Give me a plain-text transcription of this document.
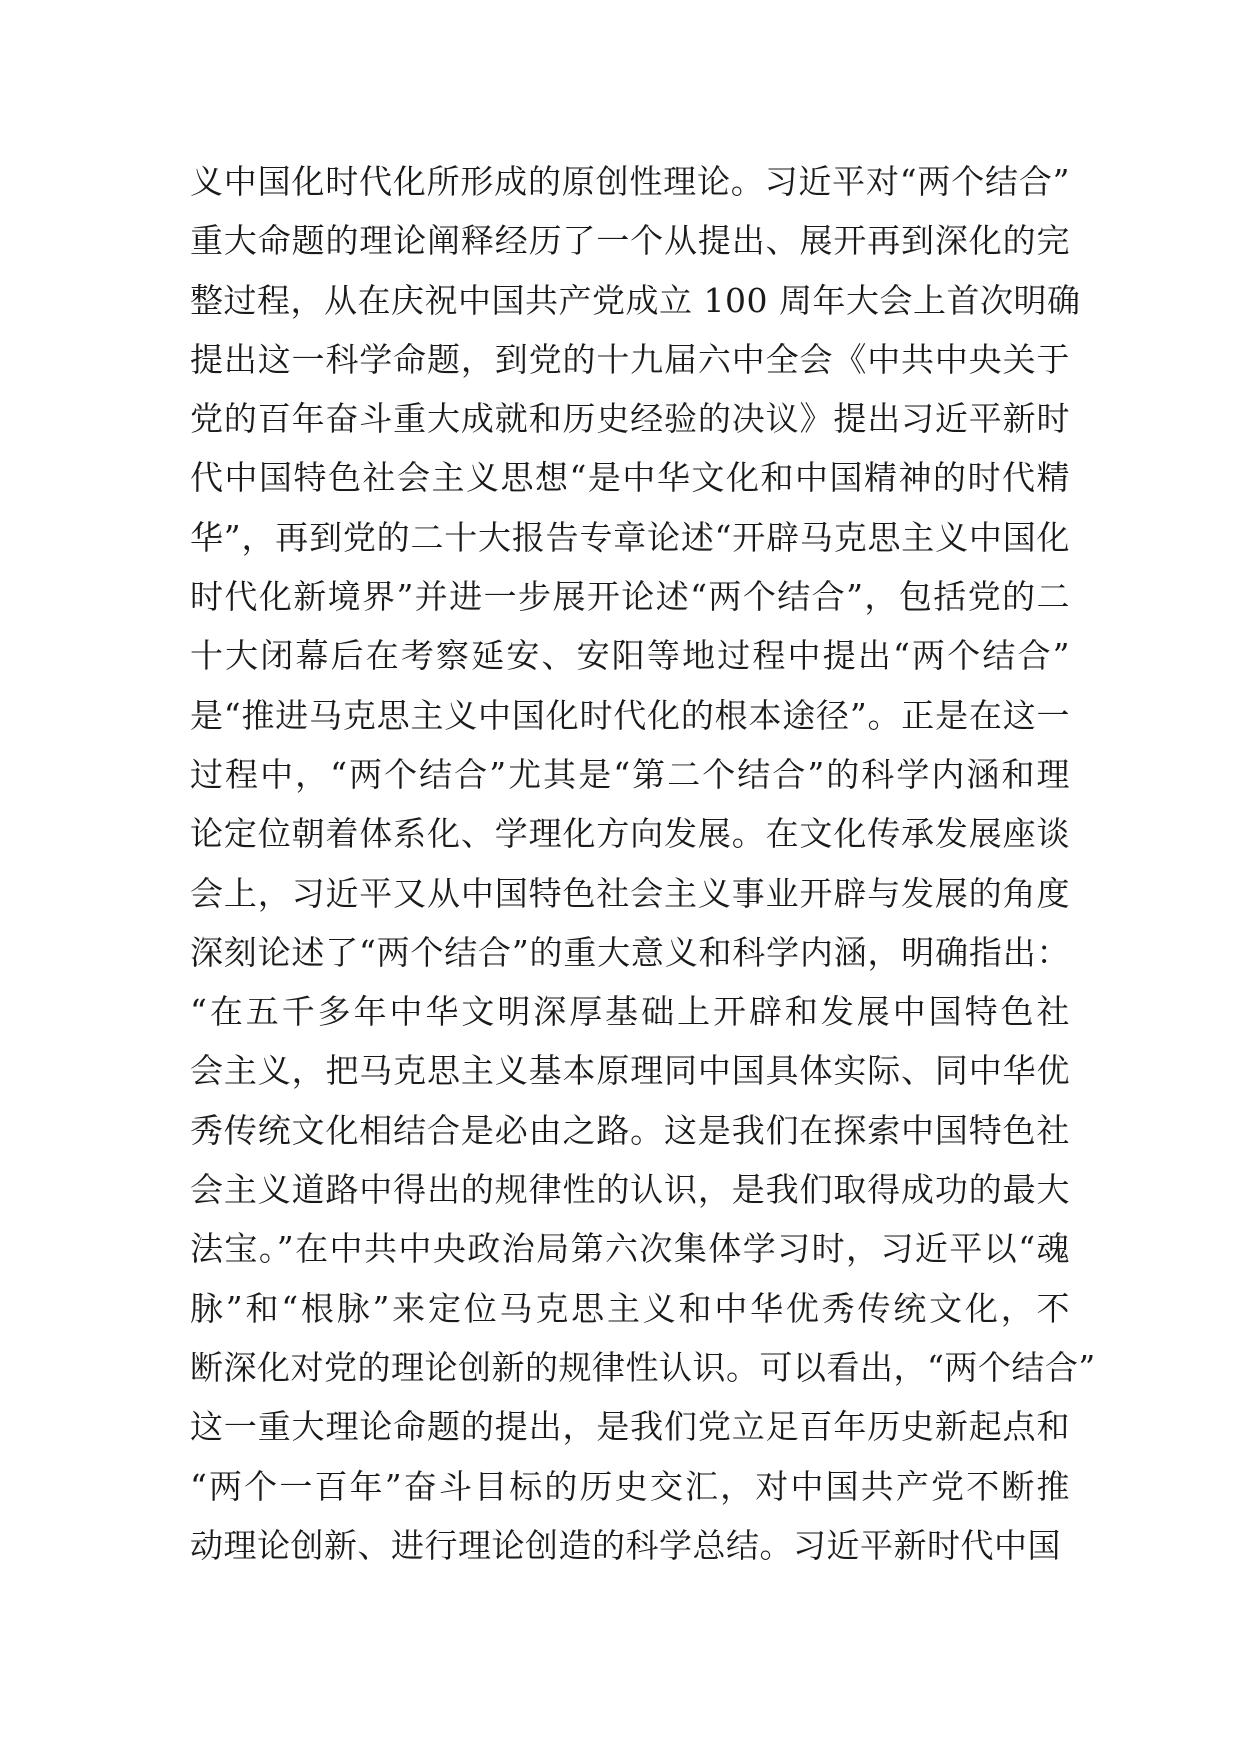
义中国化时代化所形成的原创性理论。习近平对“两个结合”
重大命题的理论阐释经历了一个从提出、展开再到深化的完
整过程，从在庆祝中国共产党成立 100 周年大会上首次明确
提出这一科学命题，到党的十九届六中全会《中共中央关于
党的百年奋斗重大成就和历史经验的决议》提出习近平新时
代中国特色社会主义思想“是中华文化和中国精神的时代精
华”，再到党的二十大报告专章论述“开辟马克思主义中国化
时代化新境界”并进一步展开论述“两个结合”，包括党的二
十大闭幕后在考察延安、安阳等地过程中提出“两个结合”
是“推进马克思主义中国化时代化的根本途径”。正是在这一
过程中，“两个结合”尤其是“第二个结合”的科学内涵和理
论定位朝着体系化、学理化方向发展。在文化传承发展座谈
会上，习近平又从中国特色社会主义事业开辟与发展的角度
深刻论述了“两个结合”的重大意义和科学内涵，明确指出：
“在五千多年中华文明深厚基础上开辟和发展中国特色社
会主义，把马克思主义基本原理同中国具体实际、同中华优
秀传统文化相结合是必由之路。这是我们在探索中国特色社
会主义道路中得出的规律性的认识，是我们取得成功的最大
法宝。”在中共中央政治局第六次集体学习时，习近平以“魂
脉”和“根脉”来定位马克思主义和中华优秀传统文化，不
断深化对党的理论创新的规律性认识。可以看出，“两个结合”
这一重大理论命题的提出，是我们党立足百年历史新起点和
“两个一百年”奋斗目标的历史交汇，对中国共产党不断推
动理论创新、进行理论创造的科学总结。习近平新时代中国
